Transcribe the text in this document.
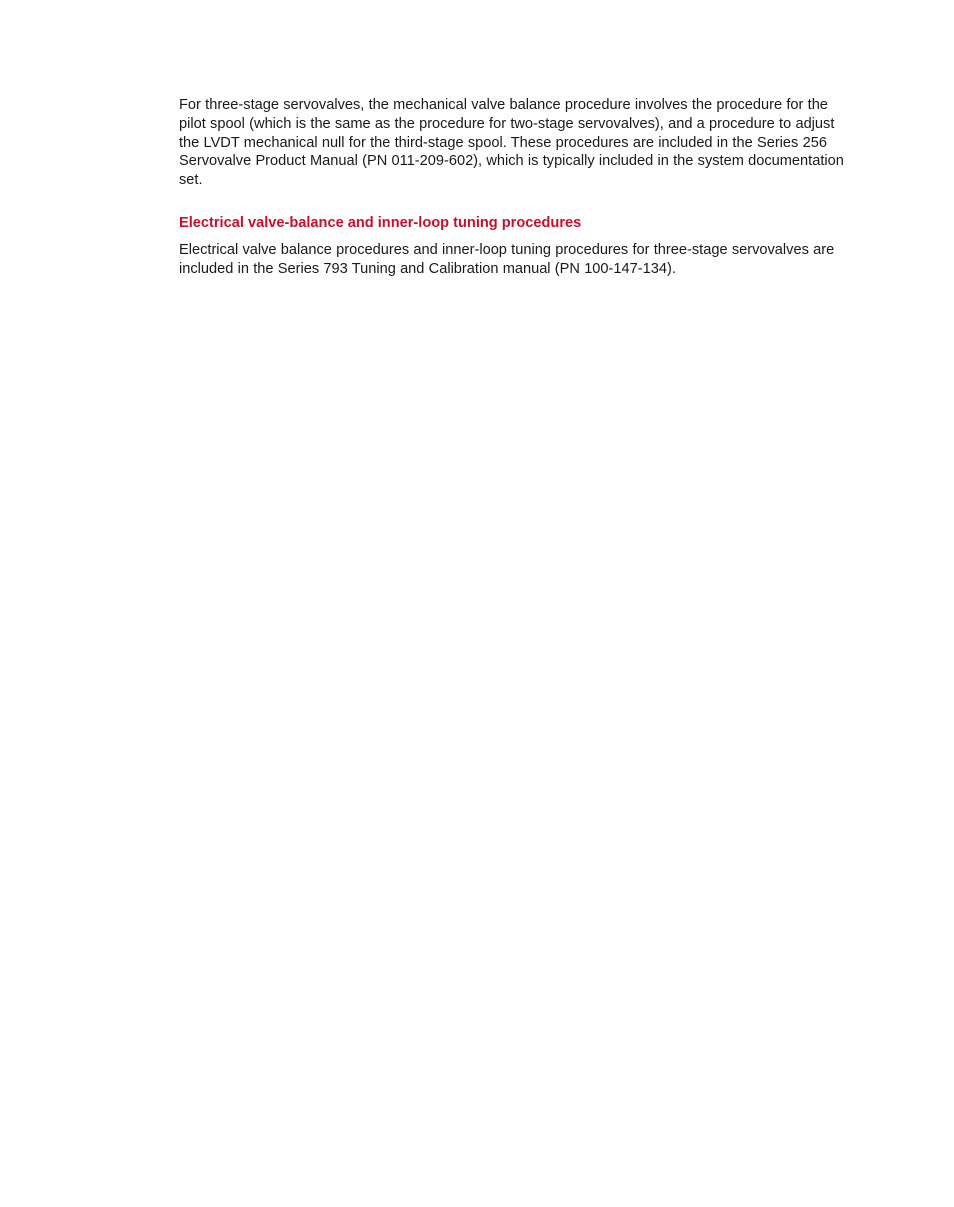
For three-stage servovalves, the mechanical valve balance procedure involves the procedure for the pilot spool (which is the same as the procedure for two-stage servovalves), and a procedure to adjust the LVDT mechanical null for the third-stage spool. These procedures are included in the Series 256 Servovalve Product Manual (PN 011-209-602), which is typically included in the system documentation set.

Electrical valve-balance and inner-loop tuning procedures

Electrical valve balance procedures and inner-loop tuning procedures for three-stage servovalves are included in the Series 793 Tuning and Calibration manual (PN 100-147-134).
